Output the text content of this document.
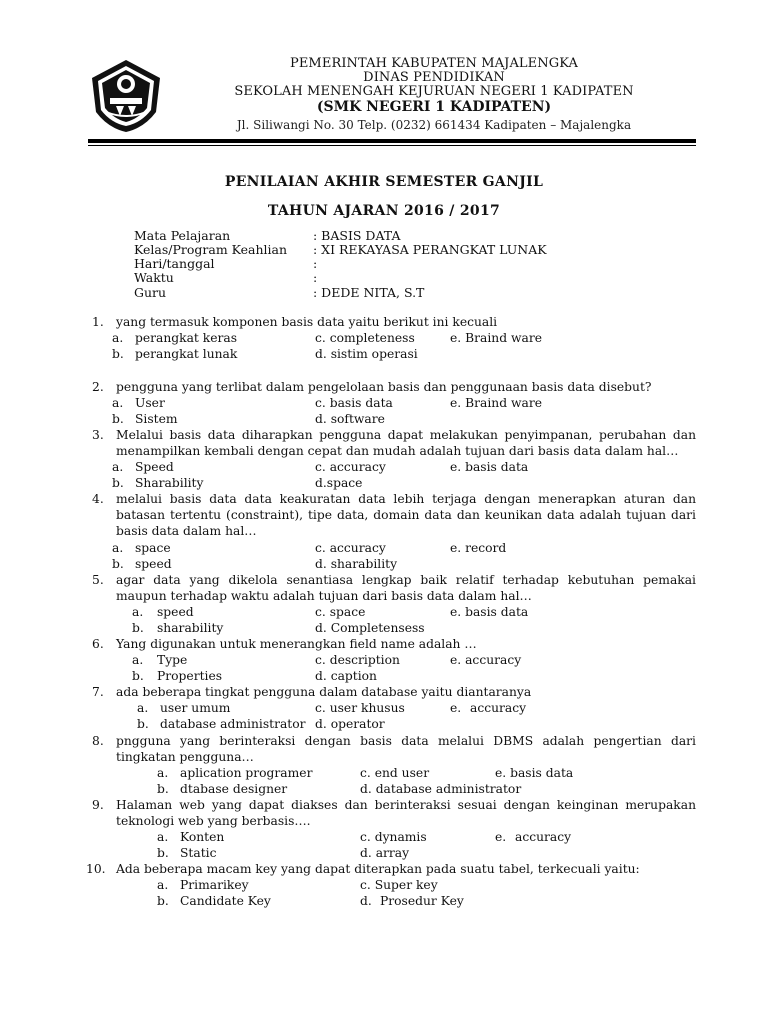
PEMERINTAH KABUPATEN MAJALENGKA
DINAS PENDIDIKAN
SEKOLAH MENENGAH KEJURUAN NEGERI 1 KADIPATEN
(SMK NEGERI 1 KADIPATEN)
Jl. Siliwangi No. 30 Telp. (0232) 661434 Kadipaten – Majalengka
PENILAIAN AKHIR SEMESTER GANJIL
TAHUN AJARAN 2016 / 2017
Mata Pelajaran	: BASIS DATA
Kelas/Program Keahlian : XI REKAYASA PERANGKAT LUNAK
Hari/tanggal	:
Waktu	:
Guru	: DEDE NITA, S.T
1. yang termasuk komponen basis data yaitu berikut ini kecuali
a. perangkat keras	c. completeness	e. Braind ware
b. perangkat lunak	d. sistim operasi
2. pengguna yang terlibat dalam pengelolaan basis dan penggunaan basis data disebut?
a. User	c. basis data	e. Braind ware
b. Sistem	d. software
3. Melalui basis data diharapkan pengguna dapat melakukan penyimpanan, perubahan dan menampilkan kembali dengan cepat dan mudah adalah tujuan dari basis data dalam hal…
a. Speed	c. accuracy	e. basis data
b. Sharability	d.space
4. melalui basis data data keakuratan data lebih terjaga dengan menerapkan aturan dan batasan tertentu (constraint), tipe data, domain data dan keunikan data adalah tujuan dari basis data dalam hal…
a. space	c. accuracy	e. record
b. speed	d. sharability
5. agar data yang dikelola senantiasa lengkap baik relatif terhadap kebutuhan pemakai maupun terhadap waktu adalah tujuan dari basis data dalam hal…
a. speed	c. space	e. basis data
b. sharability	d. Completensess
6. Yang digunakan untuk menerangkan field name adalah …
a. Type	c. description	e. accuracy
b. Properties	d. caption
7. ada beberapa tingkat pengguna dalam database yaitu diantaranya
a. user umum	c. user khusus	e. accuracy
b. database administrator d. operator
8. pngguna yang berinteraksi dengan basis data melalui DBMS adalah pengertian dari tingkatan pengguna…
a. aplication programer	c. end user	e. basis data
b. dtabase designer	d. database administrator
9. Halaman web yang dapat diakses dan berinteraksi sesuai dengan keinginan merupakan teknologi web yang berbasis….
a. Konten	c. dynamis	e. accuracy
b. Static	d. array
10. Ada beberapa macam key yang dapat diterapkan pada suatu tabel, terkecuali yaitu:
a. Primarikey	c. Super key
b. Candidate Key	d. Prosedur Key
